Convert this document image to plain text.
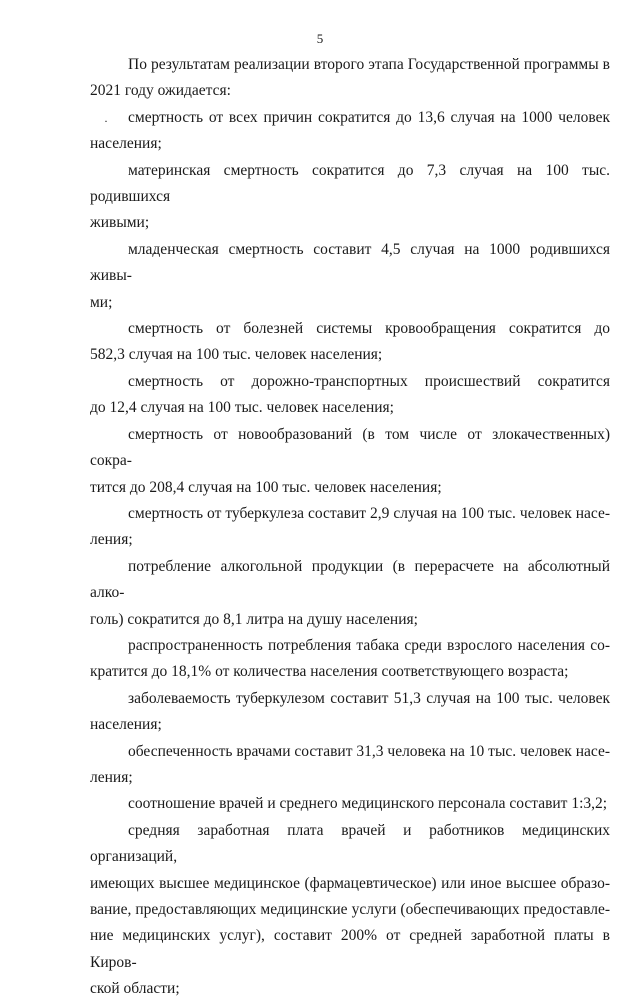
5
·

По результатам реализации второго этапа Государственной программы в
2021 году ожидается:

смертность от всех причин сократится до 13,6 случая на 1000 человек
населения;

материнская смертность сократится до 7,3 случая на 100 тыс. родившихся
живыми;

младенческая смертность составит 4,5 случая на 1000 родившихся живы-
ми;

смертность от болезней системы кровообращения сократится до
582,3 случая на 100 тыс. человек населения;

смертность от дорожно-транспортных происшествий сократится
до 12,4 случая на 100 тыс. человек населения;

смертность от новообразований (в том числе от злокачественных) сокра-
тится до 208,4 случая на 100 тыс. человек населения;

смертность от туберкулеза составит 2,9 случая на 100 тыс. человек насе-
ления;

потребление алкогольной продукции (в перерасчете на абсолютный алко-
голь) сократится до 8,1 литра на душу населения;

распространенность потребления табака среди взрослого населения со-
кратится до 18,1% от количества населения соответствующего возраста;

заболеваемость туберкулезом составит 51,3 случая на 100 тыс. человек
населения;

обеспеченность врачами составит 31,3 человека на 10 тыс. человек насе-
ления;

соотношение врачей и среднего медицинского персонала составит 1:3,2;

средняя заработная плата врачей и работников медицинских организаций,
имеющих высшее медицинское (фармацевтическое) или иное высшее образо-
вание, предоставляющих медицинские услуги (обеспечивающих предоставле-
ние медицинских услуг), составит 200% от средней заработной платы в Киров-
ской области;
